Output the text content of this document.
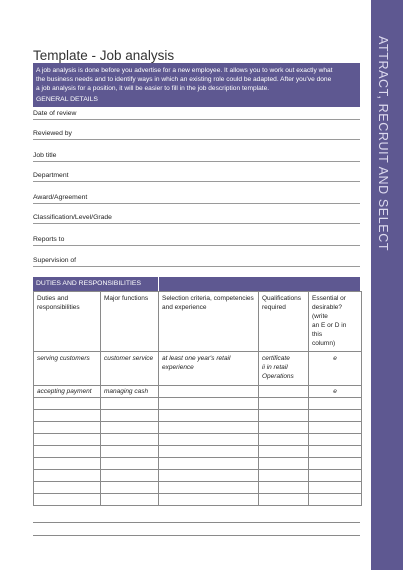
ATTRACT, RECRUIT AND SELECT
Template - Job analysis

A job analysis is done before you advertise for a new employee. It allows you to work out exactly what

the business needs and to identify ways in which an existing role could be adapted. After you've done

a job analysis for a position, it will be easier to fill in the job description template.

GENERAL DETAILS
Date of review
Reviewed by
Job title
Department
Award/Agreement
Classification/Level/Grade
Reports to
Supervision of
DUTIES AND RESPONSIBILITIES
Duties and responsibilities	Major functions	Selection criteria, competencies and experience	Qualifications required	Essential or desirable?
(write
an E or D in this
column)

serving customers	customer service	at least one year's retail experience	certificate
ii in retail
Operations	e
accepting payment	managing cash			e
